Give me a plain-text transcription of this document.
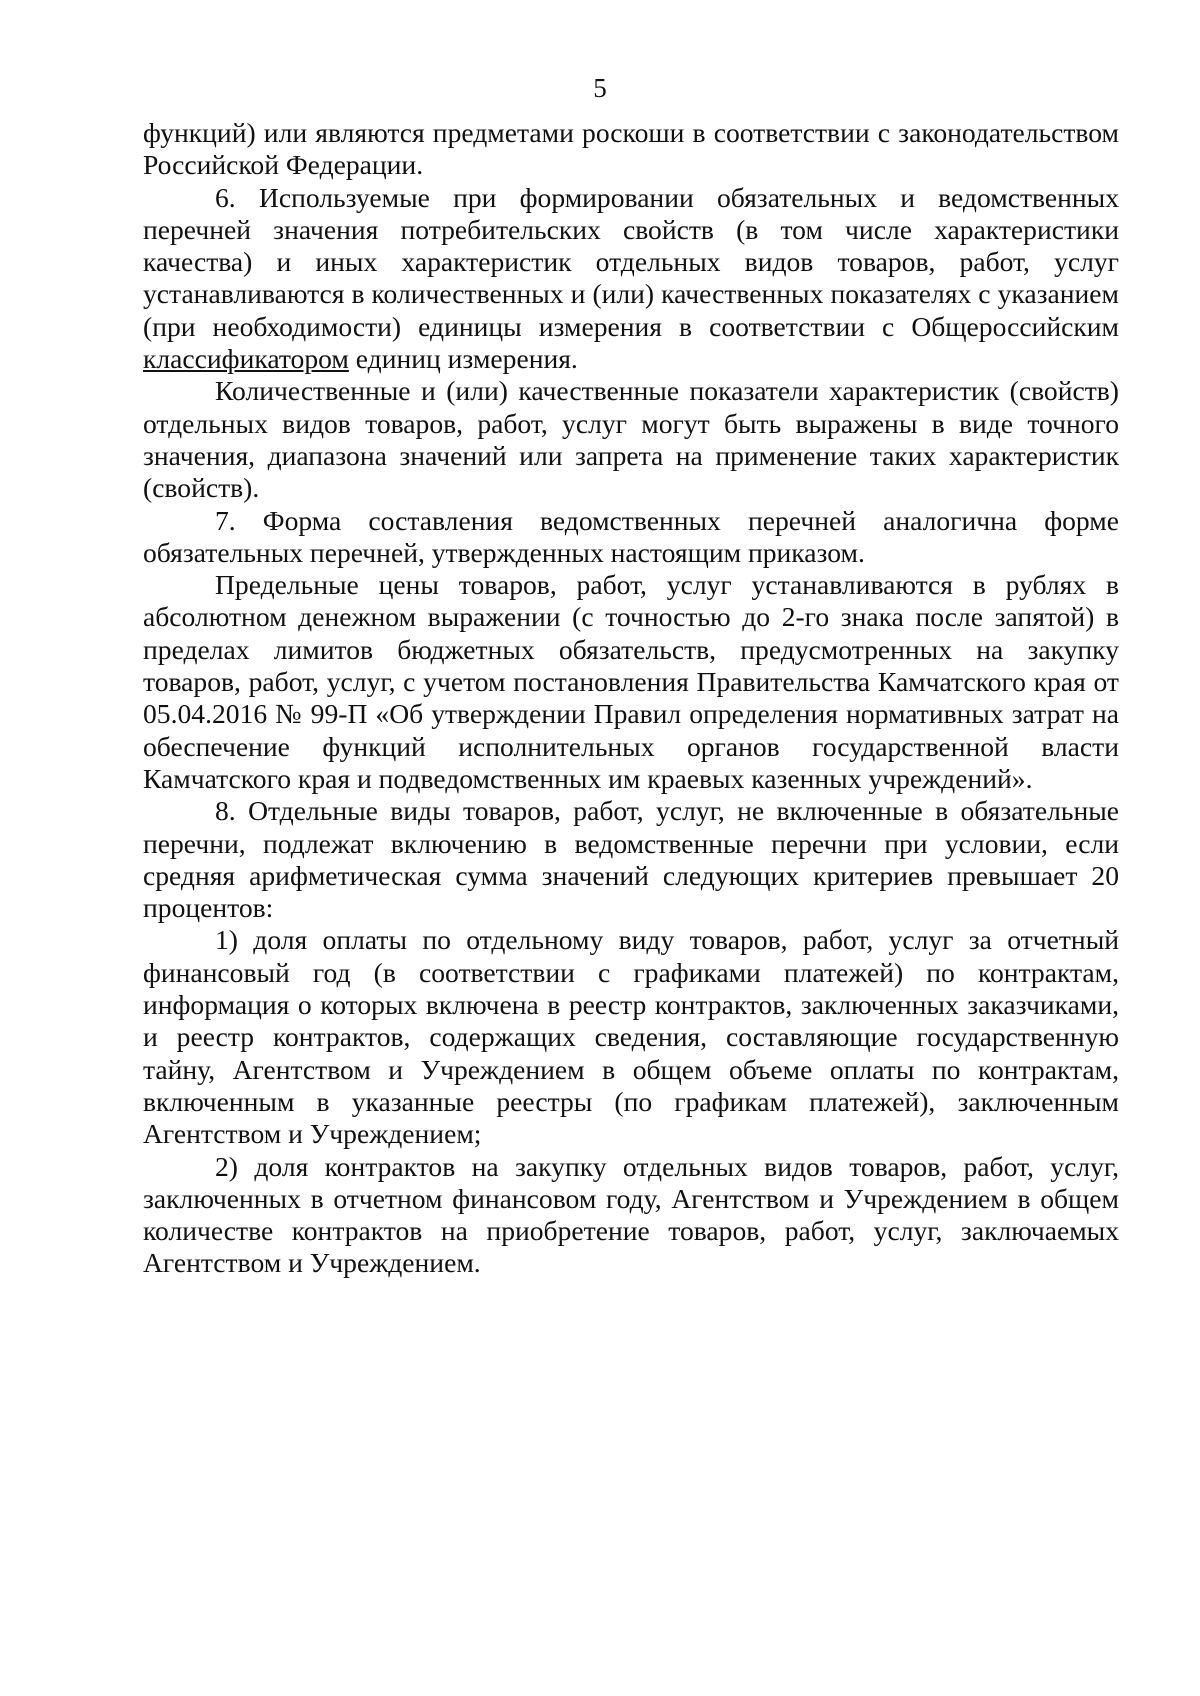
5

функций) или являются предметами роскоши в соответствии с законодательством Российской Федерации.

6. Используемые при формировании обязательных и ведомственных перечней значения потребительских свойств (в том числе характеристики качества) и иных характеристик отдельных видов товаров, работ, услуг устанавливаются в количественных и (или) качественных показателях с указанием (при необходимости) единицы измерения в соответствии с Общероссийским классификатором единиц измерения.

Количественные и (или) качественные показатели характеристик (свойств) отдельных видов товаров, работ, услуг могут быть выражены в виде точного значения, диапазона значений или запрета на применение таких характеристик (свойств).

7. Форма составления ведомственных перечней аналогична форме обязательных перечней, утвержденных настоящим приказом.

Предельные цены товаров, работ, услуг устанавливаются в рублях в абсолютном денежном выражении (с точностью до 2-го знака после запятой) в пределах лимитов бюджетных обязательств, предусмотренных на закупку товаров, работ, услуг, с учетом постановления Правительства Камчатского края от 05.04.2016 № 99-П «Об утверждении Правил определения нормативных затрат на обеспечение функций исполнительных органов государственной власти Камчатского края и подведомственных им краевых казенных учреждений».

8. Отдельные виды товаров, работ, услуг, не включенные в обязательные перечни, подлежат включению в ведомственные перечни при условии, если средняя арифметическая сумма значений следующих критериев превышает 20 процентов:

1) доля оплаты по отдельному виду товаров, работ, услуг за отчетный финансовый год (в соответствии с графиками платежей) по контрактам, информация о которых включена в реестр контрактов, заключенных заказчиками, и реестр контрактов, содержащих сведения, составляющие государственную тайну, Агентством и Учреждением в общем объеме оплаты по контрактам, включенным в указанные реестры (по графикам платежей), заключенным Агентством и Учреждением;

2) доля контрактов на закупку отдельных видов товаров, работ, услуг, заключенных в отчетном финансовом году, Агентством и Учреждением в общем количестве контрактов на приобретение товаров, работ, услуг, заключаемых Агентством и Учреждением.
